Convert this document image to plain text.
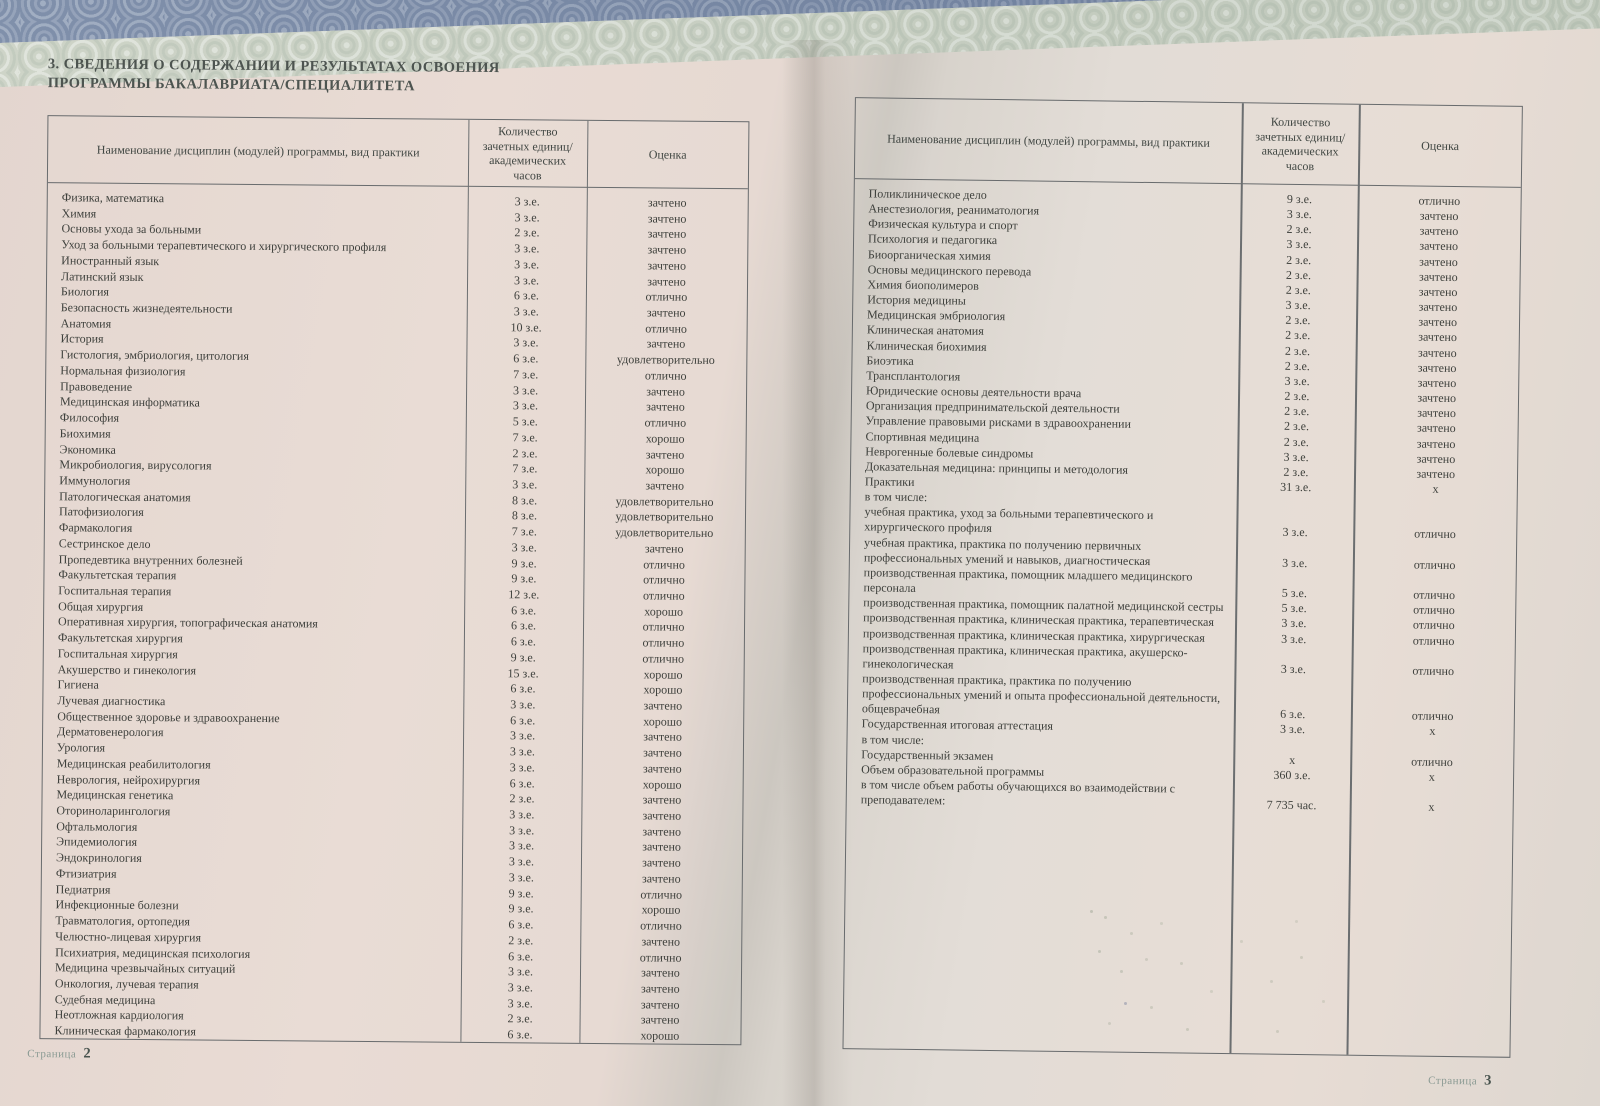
3. СВЕДЕНИЯ О СОДЕРЖАНИИ И РЕЗУЛЬТАТАХ ОСВОЕНИЯ
ПРОГРАММЫ БАКАЛАВРИАТА/СПЕЦИАЛИТЕТА
Наименование дисциплин (модулей) программы, вид практики
Количество зачетных единиц/ академических часов
Оценка
Физика, математика	3 з.е.	зачтено
Химия	3 з.е.	зачтено
Основы ухода за больными	2 з.е.	зачтено
Уход за больными терапевтического и хирургического профиля	3 з.е.	зачтено
Иностранный язык	3 з.е.	зачтено
Латинский язык	3 з.е.	зачтено
Биология	6 з.е.	отлично
Безопасность жизнедеятельности	3 з.е.	зачтено
Анатомия	10 з.е.	отлично
История	3 з.е.	зачтено
Гистология, эмбриология, цитология	6 з.е.	удовлетворительно
Нормальная физиология	7 з.е.	отлично
Правоведение	3 з.е.	зачтено
Медицинская информатика	3 з.е.	зачтено
Философия	5 з.е.	отлично
Биохимия	7 з.е.	хорошо
Экономика	2 з.е.	зачтено
Микробиология, вирусология	7 з.е.	хорошо
Иммунология	3 з.е.	зачтено
Патологическая анатомия	8 з.е.	удовлетворительно
Патофизиология	8 з.е.	удовлетворительно
Фармакология	7 з.е.	удовлетворительно
Сестринское дело	3 з.е.	зачтено
Пропедевтика внутренних болезней	9 з.е.	отлично
Факультетская терапия	9 з.е.	отлично
Госпитальная терапия	12 з.е.	отлично
Общая хирургия	6 з.е.	хорошо
Оперативная хирургия, топографическая анатомия	6 з.е.	отлично
Факультетская хирургия	6 з.е.	отлично
Госпитальная хирургия	9 з.е.	отлично
Акушерство и гинекология	15 з.е.	хорошо
Гигиена	6 з.е.	хорошо
Лучевая диагностика	3 з.е.	зачтено
Общественное здоровье и здравоохранение	6 з.е.	хорошо
Дерматовенерология	3 з.е.	зачтено
Урология	3 з.е.	зачтено
Медицинская реабилитология	3 з.е.	зачтено
Неврология, нейрохирургия	6 з.е.	хорошо
Медицинская генетика	2 з.е.	зачтено
Оториноларингология	3 з.е.	зачтено
Офтальмология	3 з.е.	зачтено
Эпидемиология	3 з.е.	зачтено
Эндокринология	3 з.е.	зачтено
Фтизиатрия	3 з.е.	зачтено
Педиатрия	9 з.е.	отлично
Инфекционные болезни	9 з.е.	хорошо
Травматология, ортопедия	6 з.е.	отлично
Челюстно-лицевая хирургия	2 з.е.	зачтено
Психиатрия, медицинская психология	6 з.е.	отлично
Медицина чрезвычайных ситуаций	3 з.е.	зачтено
Онкология, лучевая терапия	3 з.е.	зачтено
Судебная медицина	3 з.е.	зачтено
Неотложная кардиология	2 з.е.	зачтено
Клиническая фармакология	6 з.е.	хорошо
Страница 2
Наименование дисциплин (модулей) программы, вид практики
Количество зачетных единиц/ академических часов
Оценка
Поликлиническое дело	9 з.е.	отлично
Анестезиология, реаниматология	3 з.е.	зачтено
Физическая культура и спорт	2 з.е.	зачтено
Психология и педагогика	3 з.е.	зачтено
Биоорганическая химия	2 з.е.	зачтено
Основы медицинского перевода	2 з.е.	зачтено
Химия биополимеров	2 з.е.	зачтено
История медицины	3 з.е.	зачтено
Медицинская эмбриология	2 з.е.	зачтено
Клиническая анатомия	2 з.е.	зачтено
Клиническая биохимия	2 з.е.	зачтено
Биоэтика	2 з.е.	зачтено
Трансплантология	3 з.е.	зачтено
Юридические основы деятельности врача	2 з.е.	зачтено
Организация предпринимательской деятельности	2 з.е.	зачтено
Управление правовыми рисками в здравоохранении	2 з.е.	зачтено
Спортивная медицина	2 з.е.	зачтено
Неврогенные болевые синдромы	3 з.е.	зачтено
Доказательная медицина: принципы и методология	2 з.е.	зачтено
Практики	31 з.е.	х
в том числе:
учебная практика, уход за больными терапевтического и хирургического профиля	3 з.е.	отлично
учебная практика, практика по получению первичных профессиональных умений и навыков, диагностическая	3 з.е.	отлично
производственная практика, помощник младшего медицинского персонала	5 з.е.	отлично
производственная практика, помощник палатной медицинской сестры	5 з.е.	отлично
производственная практика, клиническая практика, терапевтическая	3 з.е.	отлично
производственная практика, клиническая практика, хирургическая	3 з.е.	отлично
производственная практика, клиническая практика, акушерско-гинекологическая	3 з.е.	отлично
производственная практика, практика по получению профессиональных умений и опыта профессиональной деятельности, общеврачебная	6 з.е.	отлично
Государственная итоговая аттестация	3 з.е.	х
в том числе:
Государственный экзамен	х	отлично
Объем образовательной программы	360 з.е.	х
в том числе объем работы обучающихся во взаимодействии с преподавателем:	7 735 час.	х
Страница 3
